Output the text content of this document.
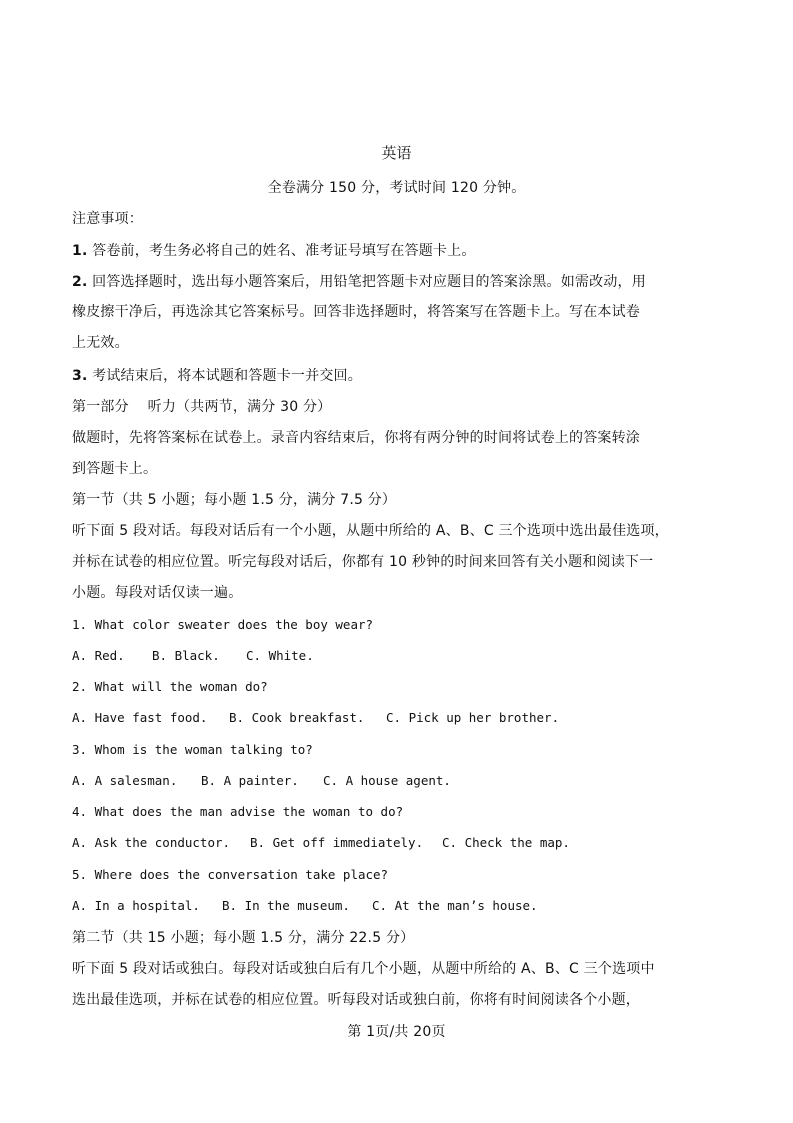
英语
全卷满分 150 分，考试时间 120 分钟。
注意事项：
1. 答卷前，考生务必将自己的姓名、准考证号填写在答题卡上。
2. 回答选择题时，选出每小题答案后，用铅笔把答题卡对应题目的答案涂黑。如需改动，用
橡皮擦干净后，再选涂其它答案标号。回答非选择题时，将答案写在答题卡上。写在本试卷
上无效。
3. 考试结束后，将本试题和答题卡一并交回。
第一部分　 听力（共两节，满分 30 分）
做题时，先将答案标在试卷上。录音内容结束后，你将有两分钟的时间将试卷上的答案转涂
到答题卡上。
第一节（共 5 小题；每小题 1.5 分，满分 7.5 分）
听下面 5 段对话。每段对话后有一个小题，从题中所给的 A、B、C 三个选项中选出最佳选项，
并标在试卷的相应位置。听完每段对话后，你都有 10 秒钟的时间来回答有关小题和阅读下一
小题。每段对话仅读一遍。
1. What color sweater does the boy wear?
A. Red. B. Black. C. White.
2. What will the woman do?
A. Have fast food. B. Cook breakfast. C. Pick up her brother.
3. Whom is the woman talking to?
A. A salesman. B. A painter. C. A house agent.
4. What does the man advise the woman to do?
A. Ask the conductor. B. Get off immediately. C. Check the map.
5. Where does the conversation take place?
A. In a hospital. B. In the museum. C. At the man’s house.
第二节（共 15 小题；每小题 1.5 分，满分 22.5 分）
听下面 5 段对话或独白。每段对话或独白后有几个小题，从题中所给的 A、B、C 三个选项中
选出最佳选项，并标在试卷的相应位置。听每段对话或独白前，你将有时间阅读各个小题，
第 1页/共 20页
